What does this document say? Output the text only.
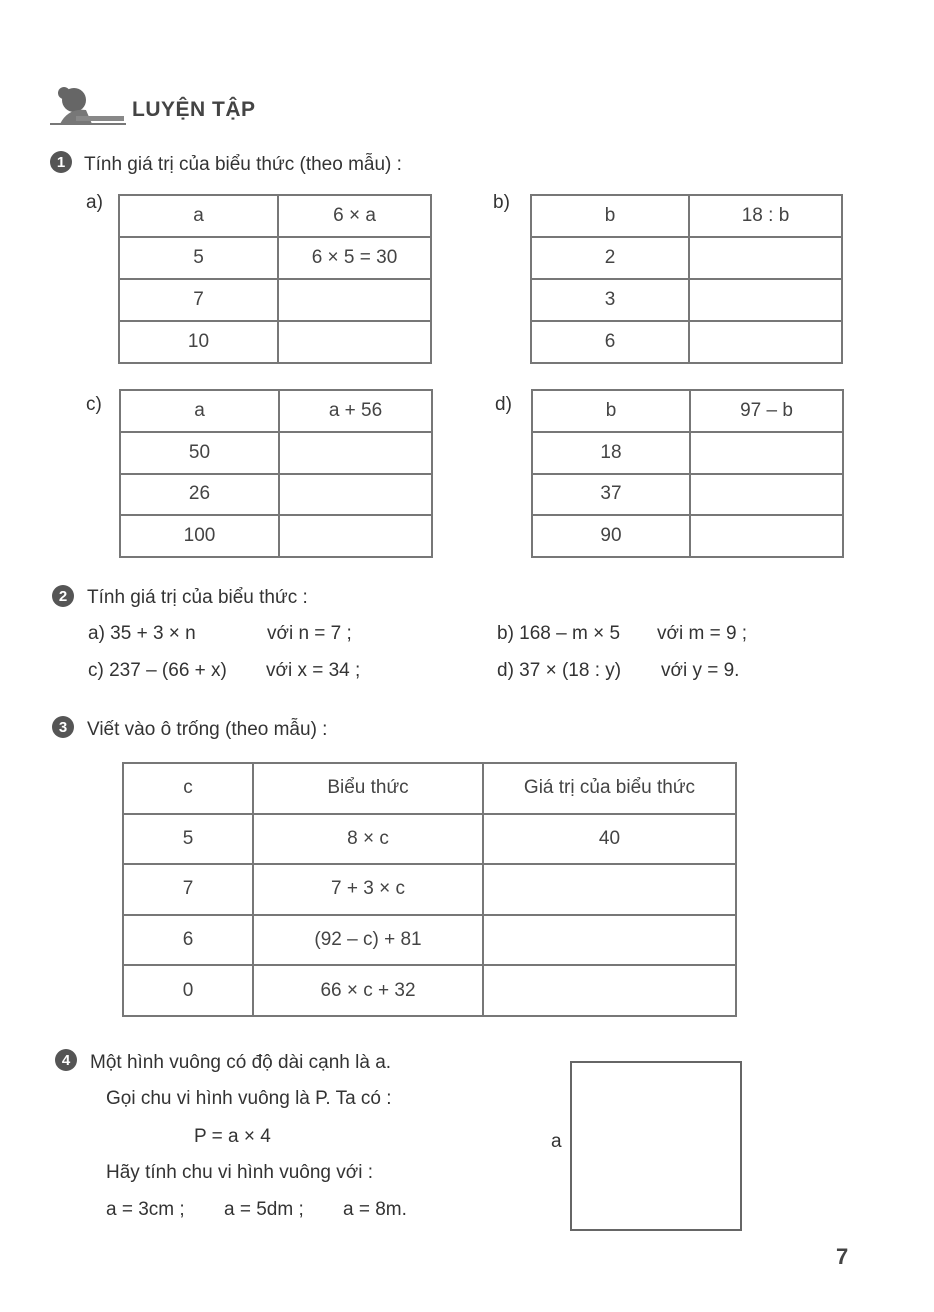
LUYỆN TẬP
1 Tính giá trị của biểu thức (theo mẫu) :
a)
a	6 × a
5	6 × 5 = 30
7	
10	
b)
b	18 : b
2	
3	
6	
c)	a	a + 56
50	
26	
100	
d)	b	97 – b
18	
37	
90	
2	Tính giá trị của biểu thức :
a) 35 + 3 × n	với n = 7 ;	b) 168 – m × 5 với m = 9 ;
c) 237 – (66 + x) với x = 34 ;	d) 37 × (18 : y) với y = 9.
3	Viết vào ô trống (theo mẫu) :
c	Biểu thức	Giá trị của biểu thức
5	8 × c	40
7	7 + 3 × c	
6	(92 – c) + 81	
0	66 × c + 32	
4	Một hình vuông có độ dài cạnh là a.
Gọi chu vi hình vuông là P. Ta có :
P = a × 4
Hãy tính chu vi hình vuông với :
a = 3cm ; a = 5dm ; a = 8m.
a
7
